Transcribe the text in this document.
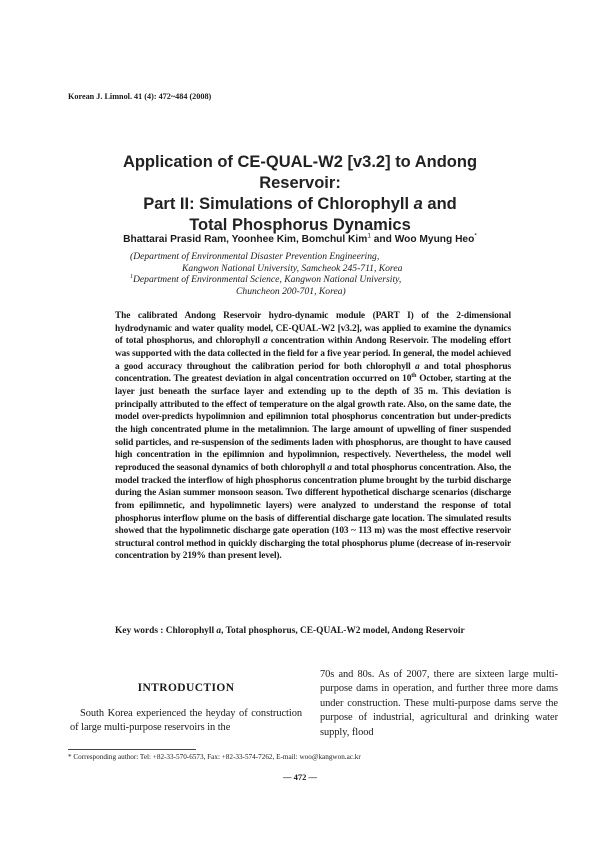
Korean J. Limnol. 41 (4): 472~484 (2008)
Application of CE-QUAL-W2 [v3.2] to Andong Reservoir:
Part II: Simulations of Chlorophyll a and
Total Phosphorus Dynamics
Bhattarai Prasid Ram, Yoonhee Kim, Bomchul Kim$^1$ and Woo Myung Heo*
(Department of Environmental Disaster Prevention Engineering,
Kangwon National University, Samcheok 245-711, Korea
$^1$Department of Environmental Science, Kangwon National University,
Chuncheon 200-701, Korea)
The calibrated Andong Reservoir hydro-dynamic module (PART I) of the 2-dimensional hydrodynamic and water quality model, CE-QUAL-W2 [v3.2], was applied to examine the dynamics of total phosphorus, and chlorophyll a concentration within Andong Reservoir. The modeling effort was supported with the data collected in the field for a five year period. In general, the model achieved a good accuracy throughout the calibration period for both chlorophyll a and total phosphorus concentration. The greatest deviation in algal concentration occurred on 10th October, starting at the layer just beneath the surface layer and extending up to the depth of 35 m. This deviation is principally attributed to the effect of temperature on the algal growth rate. Also, on the same date, the model over-predicts hypolimnion and epilimnion total phosphorus concentration but under-predicts the high concentrated plume in the metalimnion. The large amount of upwelling of finer suspended solid particles, and re-suspension of the sediments laden with phosphorus, are thought to have caused high concentration in the epilimnion and hypolimnion, respectively. Nevertheless, the model well reproduced the seasonal dynamics of both chlorophyll a and total phosphorus concentration. Also, the model tracked the interflow of high phosphorus concentration plume brought by the turbid discharge during the Asian summer monsoon season. Two different hypothetical discharge scenarios (discharge from epilimnetic, and hypolimnetic layers) were analyzed to understand the response of total phosphorus interflow plume on the basis of differential discharge gate location. The simulated results showed that the hypolimnetic discharge gate operation (103 ~ 113 m) was the most effective reservoir structural control method in quickly discharging the total phosphorus plume (decrease of in-reservoir concentration by 219% than present level).
Key words : Chlorophyll a, Total phosphorus, CE-QUAL-W2 model, Andong Reservoir
INTRODUCTION
South Korea experienced the heyday of construction of large multi-purpose reservoirs in the
70s and 80s. As of 2007, there are sixteen large multi-purpose dams in operation, and further three more dams under construction. These multi-purpose dams serve the purpose of industrial, agricultural and drinking water supply, flood
* Corresponding author: Tel: +82-33-570-6573, Fax: +82-33-574-7262, E-mail: woo@kangwon.ac.kr
— 472 —
